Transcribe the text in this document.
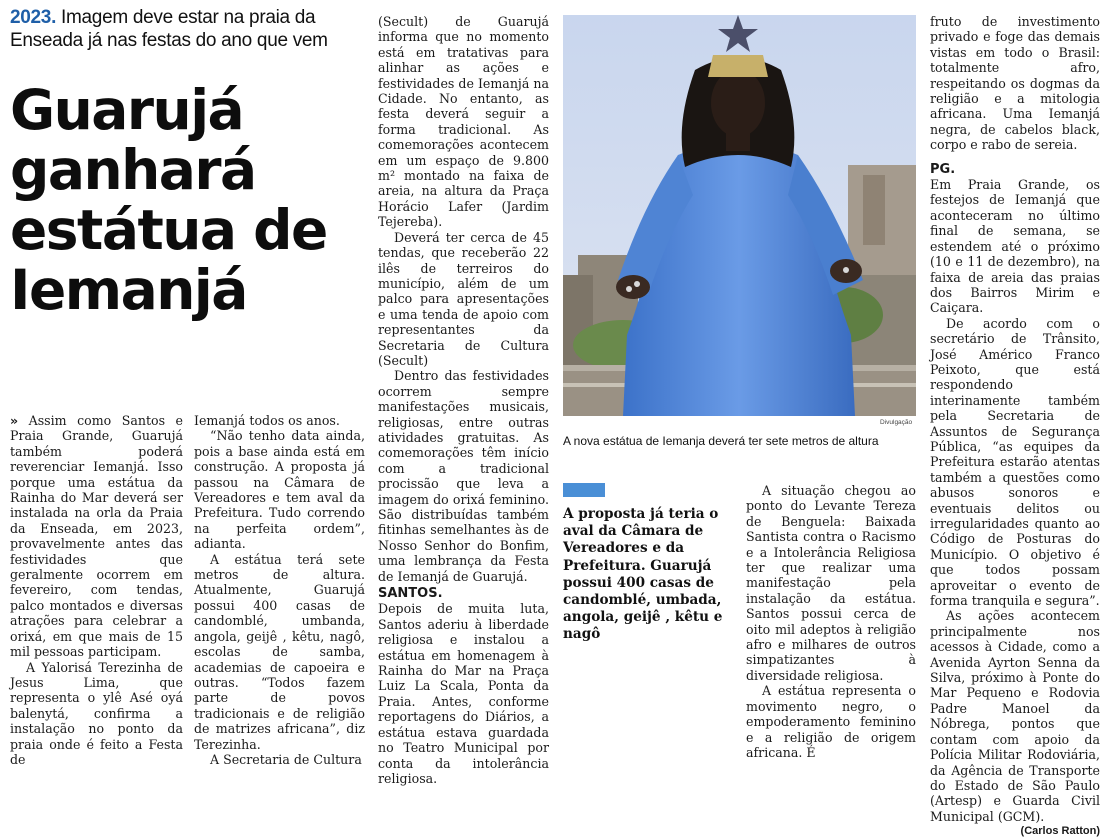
2023. Imagem deve estar na praia da Enseada já nas festas do ano que vem
Guarujá ganhará estátua de Iemanjá

» Assim como Santos e Praia Grande, Guarujá também poderá reverenciar Iemanjá. Isso porque uma estátua da Rainha do Mar deverá ser instalada na orla da Praia da Enseada, em 2023, provavelmente antes das festividades que geralmente ocorrem em fevereiro, com tendas, palco montados e diversas atrações para celebrar a orixá, em que mais de 15 mil pessoas participam.

A Yalorisá Terezinha de Jesus Lima, que representa o ylê Asé oyá balenytá, confirma a instalação no ponto da praia onde é feito a Festa de

Iemanjá todos os anos.

“Não tenho data ainda, pois a base ainda está em construção. A proposta já passou na Câmara de Vereadores e tem aval da Prefeitura. Tudo correndo na perfeita ordem”, adianta.

A estátua terá sete metros de altura. Atualmente, Guarujá possui 400 casas de candomblé, umbanda, angola, geijê , kêtu, nagô, escolas de samba, academias de capoeira e outras. “Todos fazem parte de povos tradicionais e de religião de matrizes africana”, diz Terezinha.

A Secretaria de Cultura

(Secult) de Guarujá informa que no momento está em tratativas para alinhar as ações e festividades de Iemanjá na Cidade. No entanto, as festa deverá seguir a forma tradicional. As comemorações acontecem em um espaço de 9.800 m² montado na faixa de areia, na altura da Praça Horácio Lafer (Jardim Tejereba).

Deverá ter cerca de 45 tendas, que receberão 22 ilês de terreiros do município, além de um palco para apresentações e uma tenda de apoio com representantes da Secretaria de Cultura (Secult)

Dentro das festividades ocorrem sempre manifestações musicais, religiosas, entre outras atividades gratuitas. As comemorações têm início com a tradicional procissão que leva a imagem do orixá feminino. São distribuídas também fitinhas semelhantes às de Nosso Senhor do Bonfim, uma lembrança da Festa de Iemanjá de Guarujá.

SANTOS.

Depois de muita luta, Santos aderiu à liberdade religiosa e instalou a estátua em homenagem à Rainha do Mar na Praça Luiz La Scala, Ponta da Praia. Antes, conforme reportagens do Diários, a estátua estava guardada no Teatro Municipal por conta da intolerância religiosa.

Divulgação
A nova estátua de Iemanja deverá ter sete metros de altura
A proposta já teria o aval da Câmara de Vereadores e da Prefeitura. Guarujá possui 400 casas de candomblé, umbada, angola, geijê , kêtu e nagô

A situação chegou ao ponto do Levante Tereza de Benguela: Baixada Santista contra o Racismo e a Intolerância Religiosa ter que realizar uma manifestação pela instalação da estátua. Santos possui cerca de oito mil adeptos à religião afro e milhares de outros simpatizantes à diversidade religiosa.

A estátua representa o movimento negro, o empoderamento feminino e a religião de origem africana. É

fruto de investimento privado e foge das demais vistas em todo o Brasil: totalmente afro, respeitando os dogmas da religião e a mitologia africana. Uma Iemanjá negra, de cabelos black, corpo e rabo de sereia.

PG.

Em Praia Grande, os festejos de Iemanjá que aconteceram no último final de semana, se estendem até o próximo (10 e 11 de dezembro), na faixa de areia das praias dos Bairros Mirim e Caiçara.

De acordo com o secretário de Trânsito, José Américo Franco Peixoto, que está respondendo interinamente também pela Secretaria de Assuntos de Segurança Pública, “as equipes da Prefeitura estarão atentas também a questões como abusos sonoros e eventuais delitos ou irregularidades quanto ao Código de Posturas do Município. O objetivo é que todos possam aproveitar o evento de forma tranquila e segura”.

As ações acontecem principalmente nos acessos à Cidade, como a Avenida Ayrton Senna da Silva, próximo à Ponte do Mar Pequeno e Rodovia Padre Manoel da Nóbrega, pontos que contam com apoio da Polícia Militar Rodoviária, da Agência de Transporte do Estado de São Paulo (Artesp) e Guarda Civil Municipal (GCM).

(Carlos Ratton)
